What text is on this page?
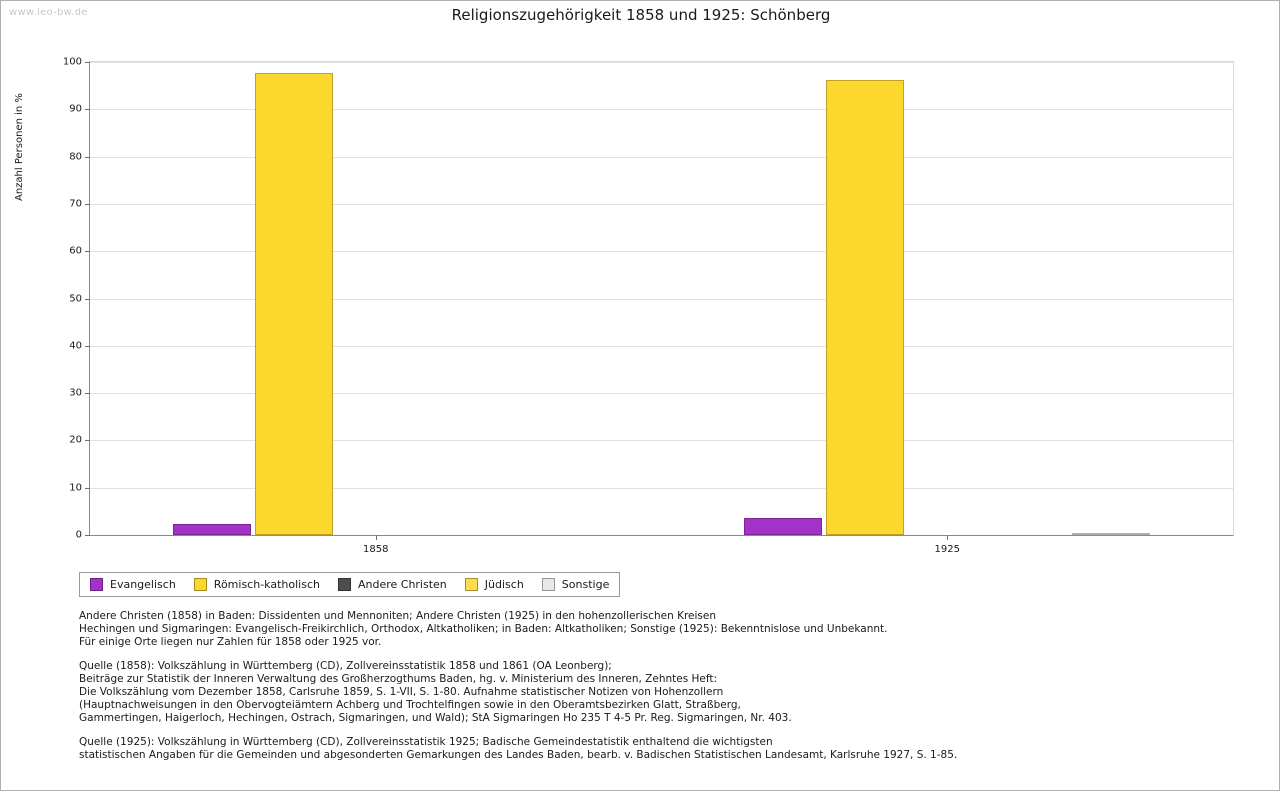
www.leo-bw.de	Religionszugehörigkeit 1858 und 1925: Schönberg
Anzahl Personen in %
0
10
20
30
40
50
60
70
80
90
100
1858	1925
Evangelisch	Römisch-katholisch	Andere Christen	Jüdisch	Sonstige
Andere Christen (1858) in Baden: Dissidenten und Mennoniten; Andere Christen (1925) in den hohenzollerischen Kreisen
Hechingen und Sigmaringen: Evangelisch-Freikirchlich, Orthodox, Altkatholiken; in Baden: Altkatholiken; Sonstige (1925): Bekenntnislose und Unbekannt.
Für einige Orte liegen nur Zahlen für 1858 oder 1925 vor.
Quelle (1858): Volkszählung in Württemberg (CD), Zollvereinsstatistik 1858 und 1861 (OA Leonberg);
Beiträge zur Statistik der Inneren Verwaltung des Großherzogthums Baden, hg. v. Ministerium des Inneren, Zehntes Heft:
Die Volkszählung vom Dezember 1858, Carlsruhe 1859, S. 1-VII, S. 1-80. Aufnahme statistischer Notizen von Hohenzollern
(Hauptnachweisungen in den Obervogteiämtern Achberg und Trochtelfingen sowie in den Oberamtsbezirken Glatt, Straßberg,
Gammertingen, Haigerloch, Hechingen, Ostrach, Sigmaringen, und Wald); StA Sigmaringen Ho 235 T 4-5 Pr. Reg. Sigmaringen, Nr. 403.
Quelle (1925): Volkszählung in Württemberg (CD), Zollvereinsstatistik 1925; Badische Gemeindestatistik enthaltend die wichtigsten
statistischen Angaben für die Gemeinden und abgesonderten Gemarkungen des Landes Baden, bearb. v. Badischen Statistischen Landesamt, Karlsruhe 1927, S. 1-85.
